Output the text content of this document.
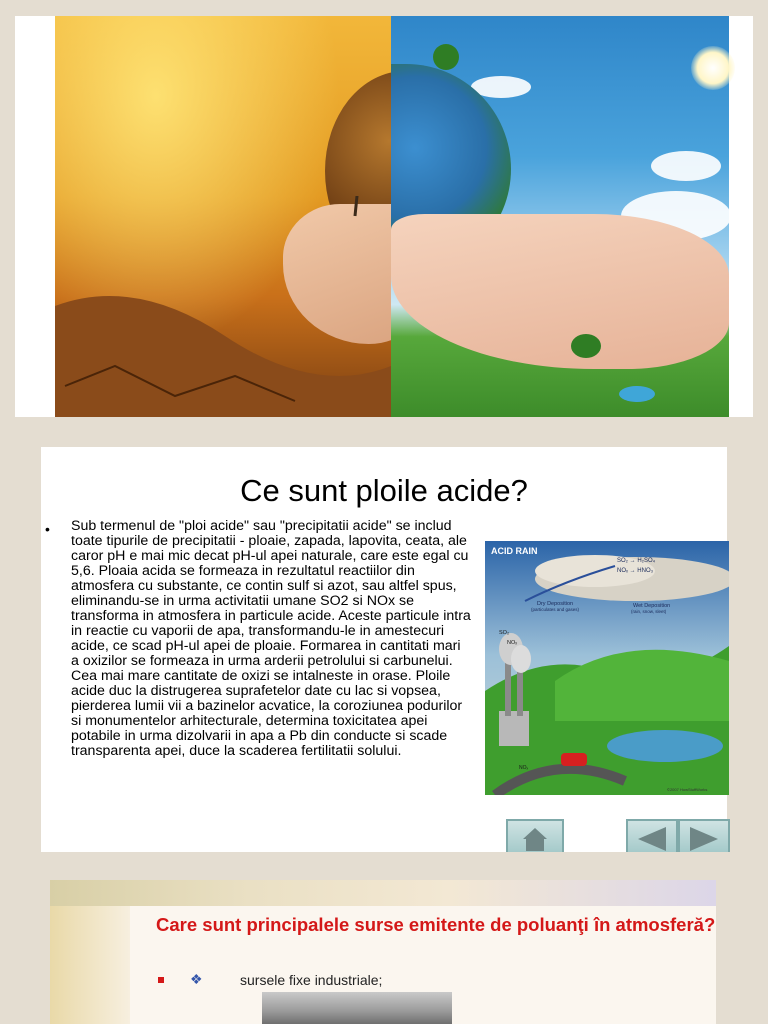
Ce sunt ploile acide?
• Sub termenul de "ploi acide" sau "precipitatii acide" se includ toate tipurile de precipitatii - ploaie, zapada, lapovita, ceata, ale caror pH e mai mic decat pH-ul apei naturale, care este egal cu 5,6. Ploaia acida se formeaza in rezultatul reactiilor din atmosfera cu substante, ce contin sulf si azot, sau altfel spus, eliminandu-se in urma activitatii umane SO2 si NOx se transforma in atmosfera in particule acide. Aceste particule intra in reactie cu vaporii de apa, transformandu-le in amestecuri acide, ce scad pH-ul apei de ploaie. Formarea in cantitati mari a oxizilor se formeaza in urma arderii petrolului si carbunelui. Cea mai mare cantitate de oxizi se intalneste in orase. Ploile acide duc la distrugerea suprafetelor date cu lac si vopsea, pierderea lumii vii a bazinelor acvatice, la coroziunea podurilor si monumentelor arhitecturale, determina toxicitatea apei potabile in urma dizolvarii in apa a Pb din conducte si scade transparenta apei, duce la scaderea fertilitatii solului.
ACID RAIN
SO₂ → H₂SO₄
NOₓ → HNO₃
Dry Deposition
(particulates and gases)
Wet Deposition
(rain, snow, sleet)
SO₂
NOₓ
NOₓ
©2007 HowStuffWorks
Care sunt principalele surse emitente de poluanţi în atmosferă?
❖	sursele fixe industriale;
